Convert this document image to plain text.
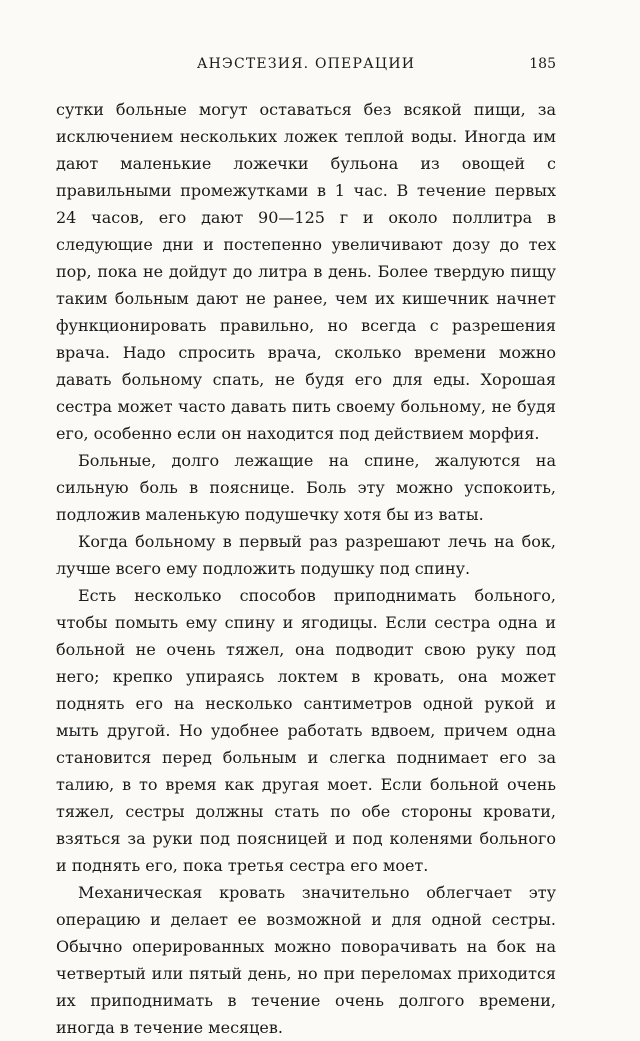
АНЭСТЕЗИЯ. ОПЕРАЦИИ	185

сутки больные могут оставаться без всякой пищи, за исключением нескольких ложек теплой воды. Иногда им дают маленькие ложечки бульона из овощей с правильными промежутками в 1 час. В течение первых 24 часов, его дают 90—125 г и около поллитра в следующие дни и постепенно увеличивают дозу до тех пор, пока не дойдут до литра в день. Более твердую пищу таким больным дают не ранее, чем их кишечник начнет функционировать правильно, но всегда с разрешения врача. Надо спросить врача, сколько времени можно давать больному спать, не будя его для еды. Хорошая сестра может часто давать пить своему больному, не будя его, особенно если он находится под действием морфия.

Больные, долго лежащие на спине, жалуются на сильную боль в пояснице. Боль эту можно успокоить, подложив маленькую подушечку хотя бы из ваты.

Когда больному в первый раз разрешают лечь на бок, лучше всего ему подложить подушку под спину.

Есть несколько способов приподнимать больного, чтобы помыть ему спину и ягодицы. Если сестра одна и больной не очень тяжел, она подводит свою руку под него; крепко упираясь локтем в кровать, она может поднять его на несколько сантиметров одной рукой и мыть другой. Но удобнее работать вдвоем, причем одна становится перед больным и слегка поднимает его за талию, в то время как другая моет. Если больной очень тяжел, сестры должны стать по обе стороны кровати, взяться за руки под поясницей и под коленями больного и поднять его, пока третья сестра его моет.

Механическая кровать значительно облегчает эту операцию и делает ее возможной и для одной сестры. Обычно оперированных можно поворачивать на бок на четвертый или пятый день, но при переломах приходится их приподнимать в течение очень долгого времени, иногда в течение месяцев.
